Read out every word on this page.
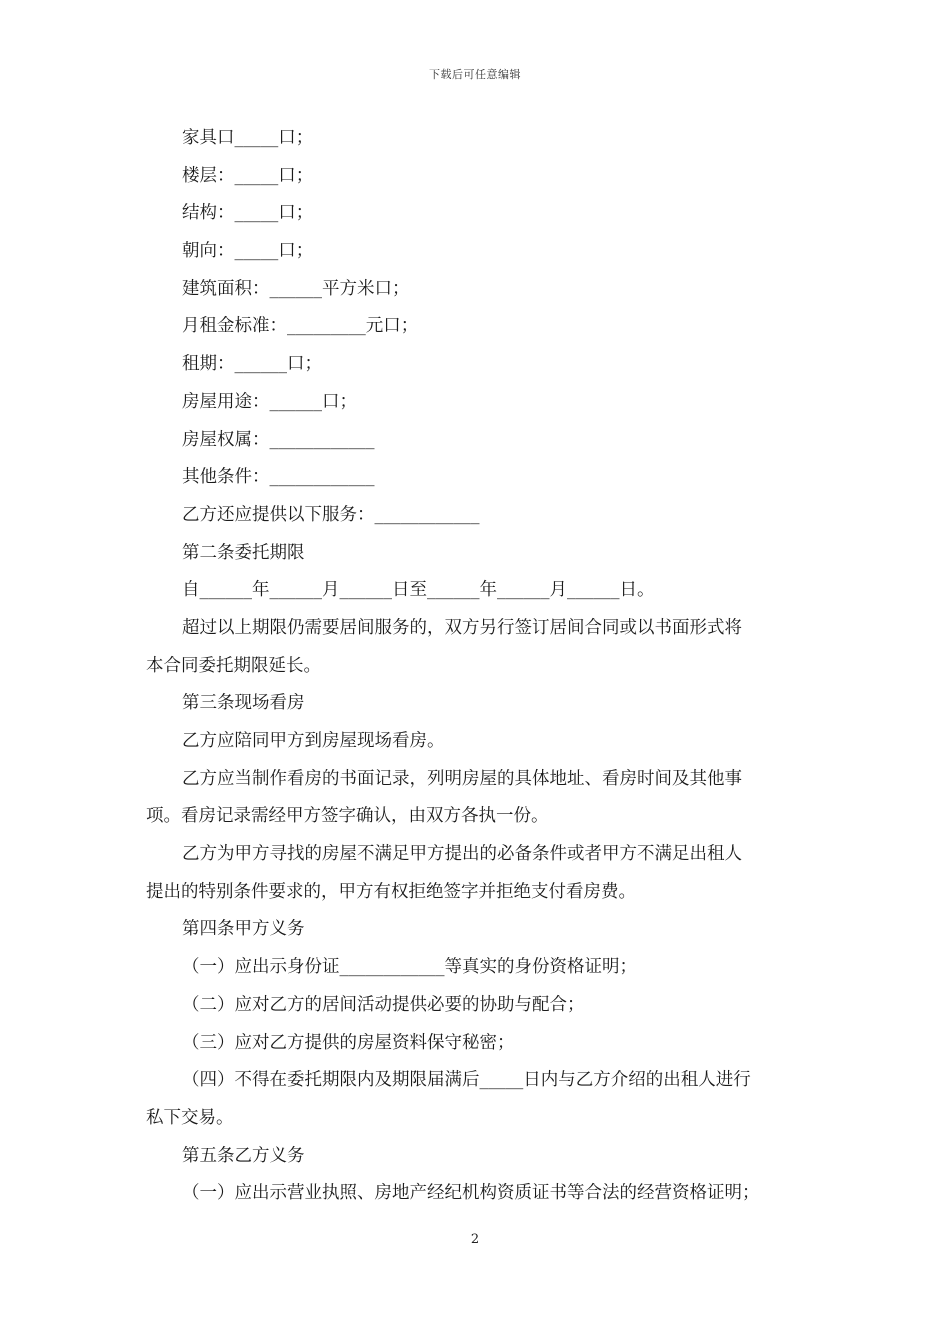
下载后可任意编辑
家具口_____口；
楼层：_____口；
结构：_____口；
朝向：_____口；
建筑面积：______平方米口；
月租金标准：_________元口；
租期：______口；
房屋用途：______口；
房屋权属：____________
其他条件：____________
乙方还应提供以下服务：____________
第二条委托期限
自______年______月______日至______年______月______日。
超过以上期限仍需要居间服务的，双方另行签订居间合同或以书面形式将
本合同委托期限延长。
第三条现场看房
乙方应陪同甲方到房屋现场看房。
乙方应当制作看房的书面记录，列明房屋的具体地址、看房时间及其他事
项。看房记录需经甲方签字确认，由双方各执一份。
乙方为甲方寻找的房屋不满足甲方提出的必备条件或者甲方不满足出租人
提出的特别条件要求的，甲方有权拒绝签字并拒绝支付看房费。
第四条甲方义务
（一）应出示身份证____________等真实的身份资格证明；
（二）应对乙方的居间活动提供必要的协助与配合；
（三）应对乙方提供的房屋资料保守秘密；
（四）不得在委托期限内及期限届满后_____日内与乙方介绍的出租人进行
私下交易。
第五条乙方义务
（一）应出示营业执照、房地产经纪机构资质证书等合法的经营资格证明；
2
